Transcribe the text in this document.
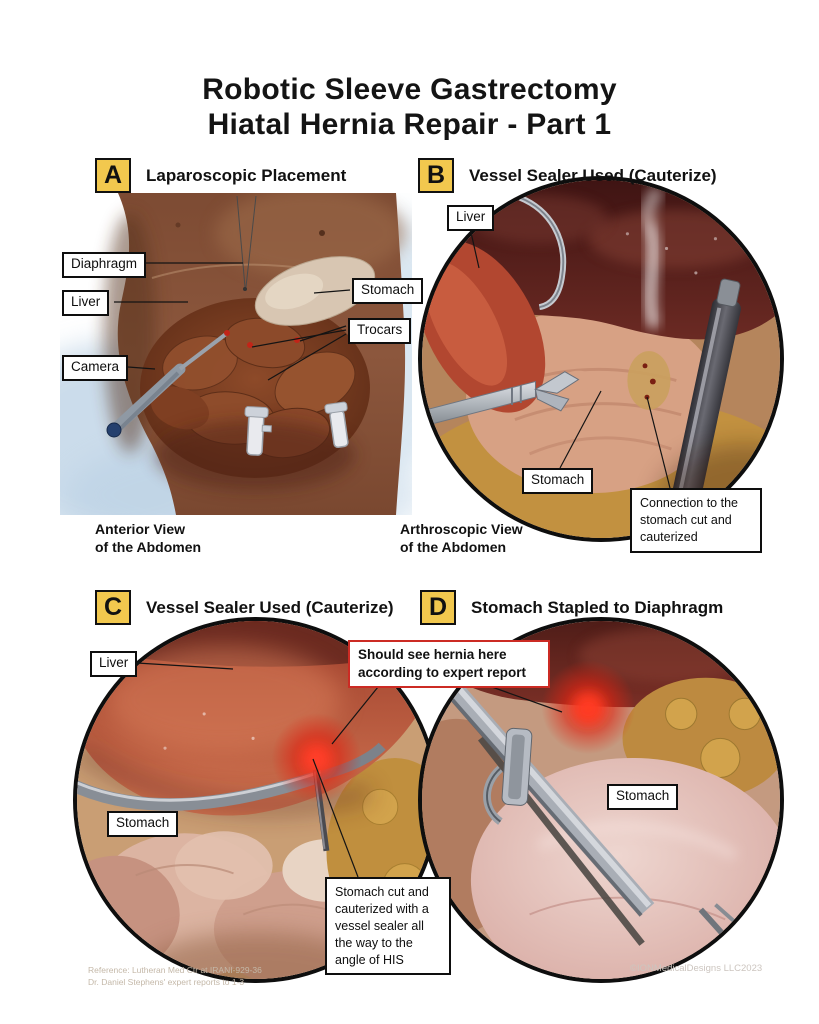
Robotic Sleeve Gastrectomy
Hiatal Hernia Repair - Part 1
A Laparoscopic Placement	B Vessel Sealer Used (Cauterize)
C Vessel Sealer Used (Cauterize) D Stomach Stapled to Diaphragm
Diaphragm
Liver
Camera
Stomach
Trocars
Anterior View
of the Abdomen
Liver
Stomach
Connection to the stomach cut and cauterized
Arthroscopic View
of the Abdomen
Liver
Stomach
Stomach cut and cauterized with a vessel sealer all the way to the angle of HIS
Stomach
Should see hernia here according to expert report
Reference: Lutheran Med Ctr at IRANI-929-36
Dr. Daniel Stephens' expert reports to 1-3
©IONMedicalDesigns LLC2023
